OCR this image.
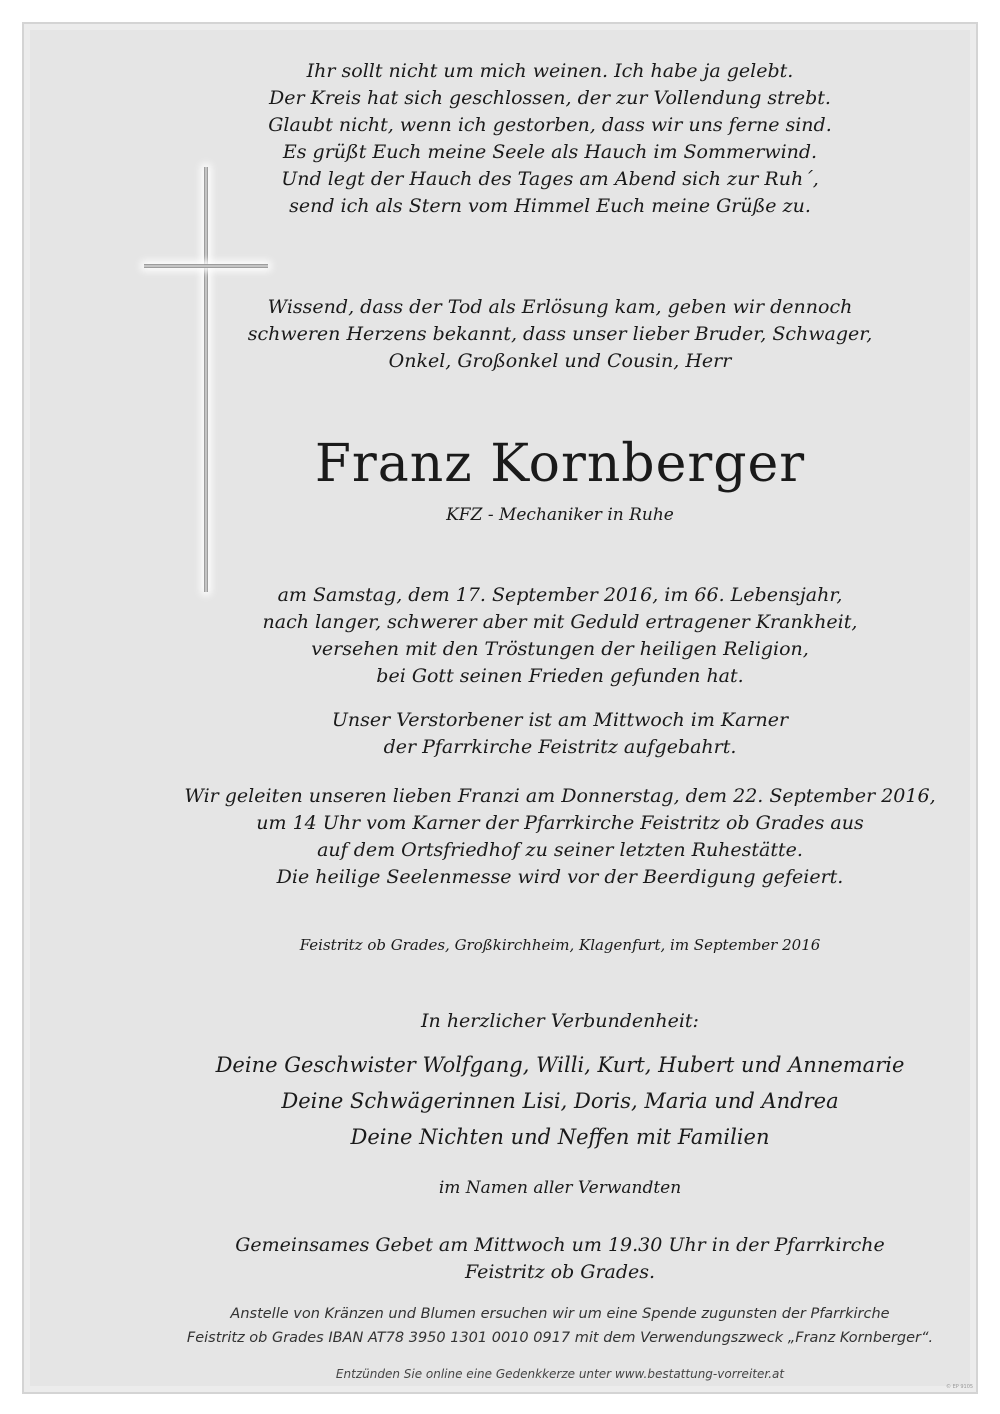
Ihr sollt nicht um mich weinen. Ich habe ja gelebt.
Der Kreis hat sich geschlossen, der zur Vollendung strebt.
Glaubt nicht, wenn ich gestorben, dass wir uns ferne sind.
Es grüßt Euch meine Seele als Hauch im Sommerwind.
Und legt der Hauch des Tages am Abend sich zur Ruh´,
send ich als Stern vom Himmel Euch meine Grüße zu.
Wissend, dass der Tod als Erlösung kam, geben wir dennoch
schweren Herzens bekannt, dass unser lieber Bruder, Schwager,
Onkel, Großonkel und Cousin, Herr
Franz Kornberger
KFZ - Mechaniker in Ruhe
am Samstag, dem 17. September 2016, im 66. Lebensjahr,
nach langer, schwerer aber mit Geduld ertragener Krankheit,
versehen mit den Tröstungen der heiligen Religion,
bei Gott seinen Frieden gefunden hat.
Unser Verstorbener ist am Mittwoch im Karner
der Pfarrkirche Feistritz aufgebahrt.
Wir geleiten unseren lieben Franzi am Donnerstag, dem 22. September 2016,
um 14 Uhr vom Karner der Pfarrkirche Feistritz ob Grades aus
auf dem Ortsfriedhof zu seiner letzten Ruhestätte.
Die heilige Seelenmesse wird vor der Beerdigung gefeiert.
Feistritz ob Grades, Großkirchheim, Klagenfurt, im September 2016
In herzlicher Verbundenheit:
Deine Geschwister Wolfgang, Willi, Kurt, Hubert und Annemarie
Deine Schwägerinnen Lisi, Doris, Maria und Andrea
Deine Nichten und Neffen mit Familien
im Namen aller Verwandten
Gemeinsames Gebet am Mittwoch um 19.30 Uhr in der Pfarrkirche
Feistritz ob Grades.
Anstelle von Kränzen und Blumen ersuchen wir um eine Spende zugunsten der Pfarrkirche
Feistritz ob Grades IBAN AT78 3950 1301 0010 0917 mit dem Verwendungszweck „Franz Kornberger“.
Entzünden Sie online eine Gedenkkerze unter www.bestattung-vorreiter.at
© EP 9105
